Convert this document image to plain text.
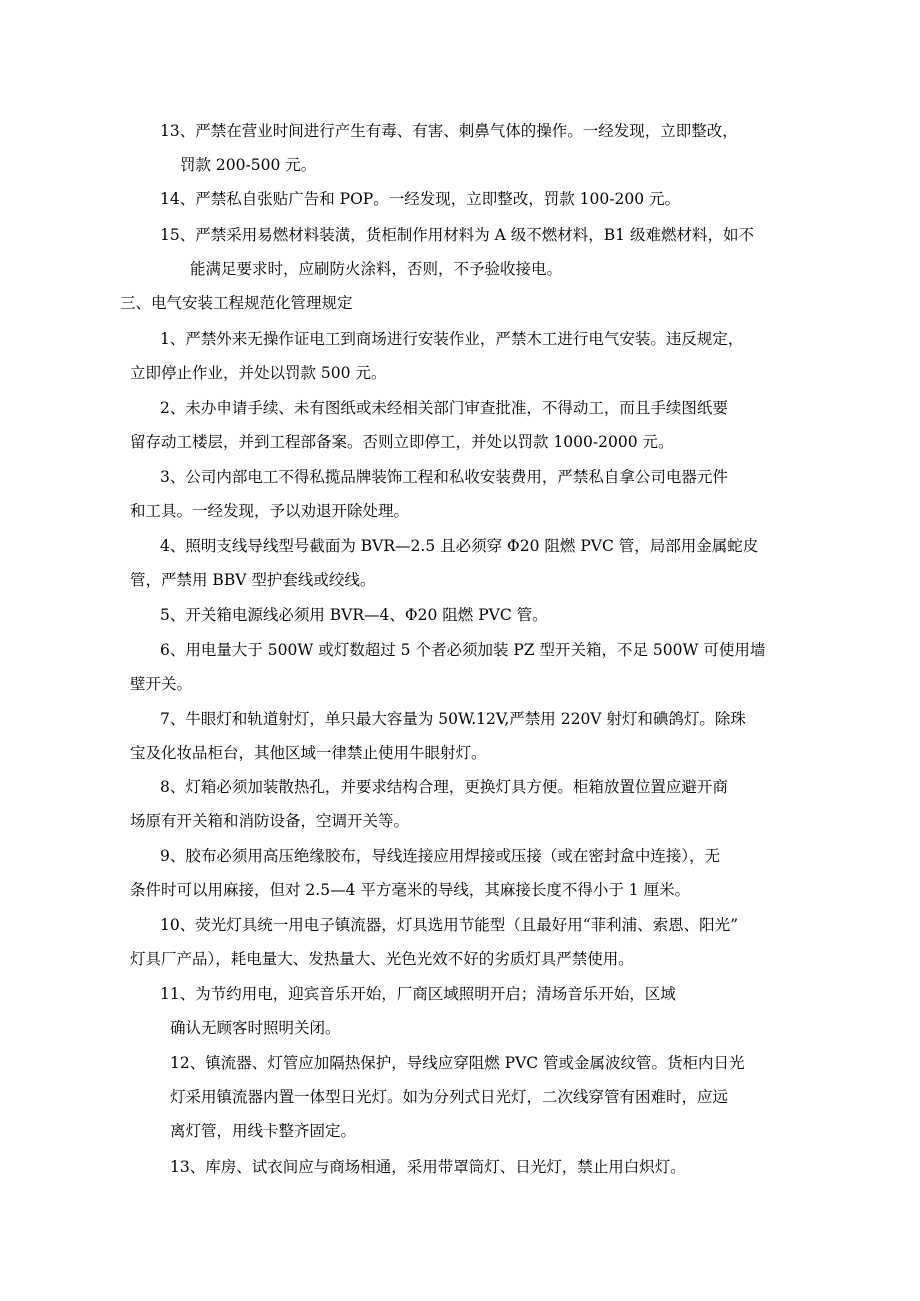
13、严禁在营业时间进行产生有毒、有害、刺鼻气体的操作。一经发现，立即整改，

罚款 200-500 元。

14、严禁私自张贴广告和 POP。一经发现，立即整改，罚款 100-200 元。

15、严禁采用易燃材料装潢，货柜制作用材料为 A 级不燃材料，B1 级难燃材料，如不

能满足要求时，应刷防火涂料，否则，不予验收接电。

三、电气安装工程规范化管理规定

1、严禁外来无操作证电工到商场进行安装作业，严禁木工进行电气安装。违反规定，

立即停止作业，并处以罚款 500 元。

2、未办申请手续、未有图纸或未经相关部门审查批准，不得动工，而且手续图纸要

留存动工楼层，并到工程部备案。否则立即停工，并处以罚款 1000-2000 元。

3、公司内部电工不得私揽品牌装饰工程和私收安装费用，严禁私自拿公司电器元件

和工具。一经发现，予以劝退开除处理。

4、照明支线导线型号截面为 BVR—2.5 且必须穿 Φ20 阻燃 PVC 管，局部用金属蛇皮

管，严禁用 BBV 型护套线或绞线。

5、开关箱电源线必须用 BVR—4、Φ20 阻燃 PVC 管。

6、用电量大于 500W 或灯数超过 5 个者必须加装 PZ 型开关箱，不足 500W 可使用墙

壁开关。

7、牛眼灯和轨道射灯，单只最大容量为 50W.12V,严禁用 220V 射灯和碘鸽灯。除珠

宝及化妆品柜台，其他区域一律禁止使用牛眼射灯。

8、灯箱必须加装散热孔，并要求结构合理，更换灯具方便。柜箱放置位置应避开商

场原有开关箱和消防设备，空调开关等。

9、胶布必须用高压绝缘胶布，导线连接应用焊接或压接（或在密封盒中连接），无

条件时可以用麻接，但对 2.5—4 平方毫米的导线，其麻接长度不得小于 1 厘米。

10、荧光灯具统一用电子镇流器，灯具选用节能型（且最好用“菲利浦、索恩、阳光”

灯具厂产品），耗电量大、发热量大、光色光效不好的劣质灯具严禁使用。

11、为节约用电，迎宾音乐开始，厂商区域照明开启；清场音乐开始，区域

确认无顾客时照明关闭。

12、镇流器、灯管应加隔热保护，导线应穿阻燃 PVC 管或金属波纹管。货柜内日光

灯采用镇流器内置一体型日光灯。如为分列式日光灯，二次线穿管有困难时，应远

离灯管，用线卡整齐固定。

13、库房、试衣间应与商场相通，采用带罩筒灯、日光灯，禁止用白炽灯。
